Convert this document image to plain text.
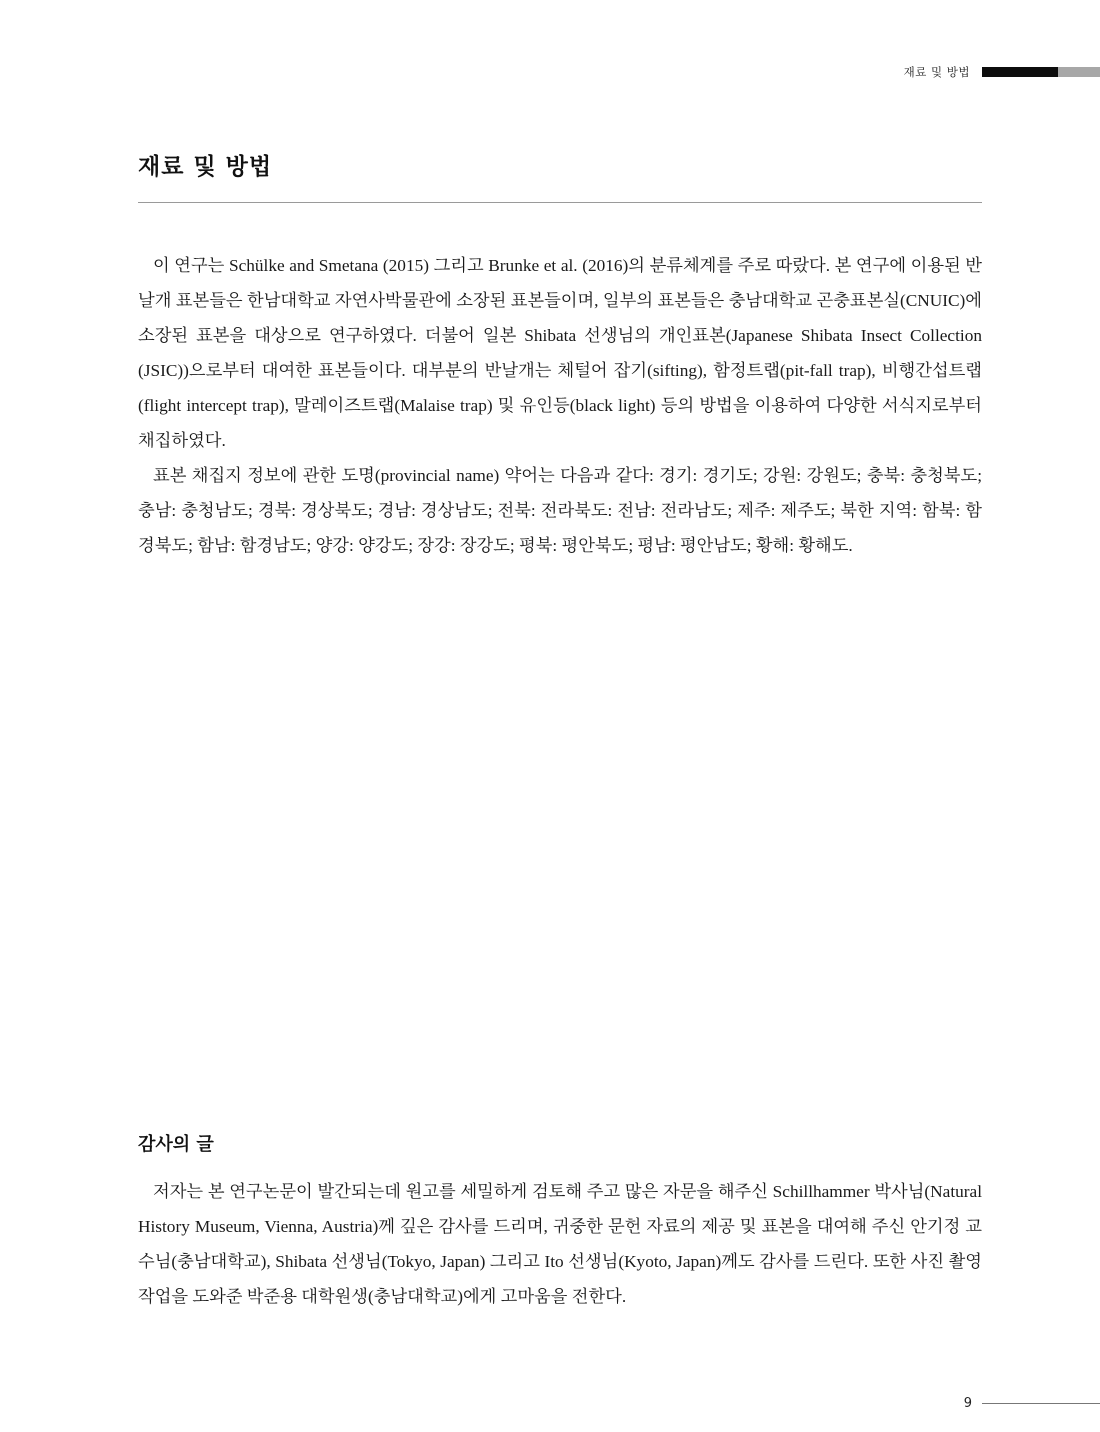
재료 및 방법
재료 및 방법

이 연구는 Schülke and Smetana (2015) 그리고 Brunke et al. (2016)의 분류체계를 주로 따랐다. 본 연구에 이용된 반날개 표본들은 한남대학교 자연사박물관에 소장된 표본들이며, 일부의 표본들은 충남대학교 곤충표본실(CNUIC)에 소장된 표본을 대상으로 연구하였다. 더불어 일본 Shibata 선생님의 개인표본(Japanese Shibata Insect Collection (JSIC))으로부터 대여한 표본들이다. 대부분의 반날개는 체털어 잡기(sifting), 함정트랩(pit-fall trap), 비행간섭트랩(flight intercept trap), 말레이즈트랩(Malaise trap) 및 유인등(black light) 등의 방법을 이용하여 다양한 서식지로부터 채집하였다.

표본 채집지 정보에 관한 도명(provincial name) 약어는 다음과 같다: 경기: 경기도; 강원: 강원도; 충북: 충청북도; 충남: 충청남도; 경북: 경상북도; 경남: 경상남도; 전북: 전라북도: 전남: 전라남도; 제주: 제주도; 북한 지역: 함북: 함경북도; 함남: 함경남도; 양강: 양강도; 장강: 장강도; 평북: 평안북도; 평남: 평안남도; 황해: 황해도.

감사의 글

저자는 본 연구논문이 발간되는데 원고를 세밀하게 검토해 주고 많은 자문을 해주신 Schillhammer 박사님(Natural History Museum, Vienna, Austria)께 깊은 감사를 드리며, 귀중한 문헌 자료의 제공 및 표본을 대여해 주신 안기정 교수님(충남대학교), Shibata 선생님(Tokyo, Japan) 그리고 Ito 선생님(Kyoto, Japan)께도 감사를 드린다. 또한 사진 촬영 작업을 도와준 박준용 대학원생(충남대학교)에게 고마움을 전한다.

9
